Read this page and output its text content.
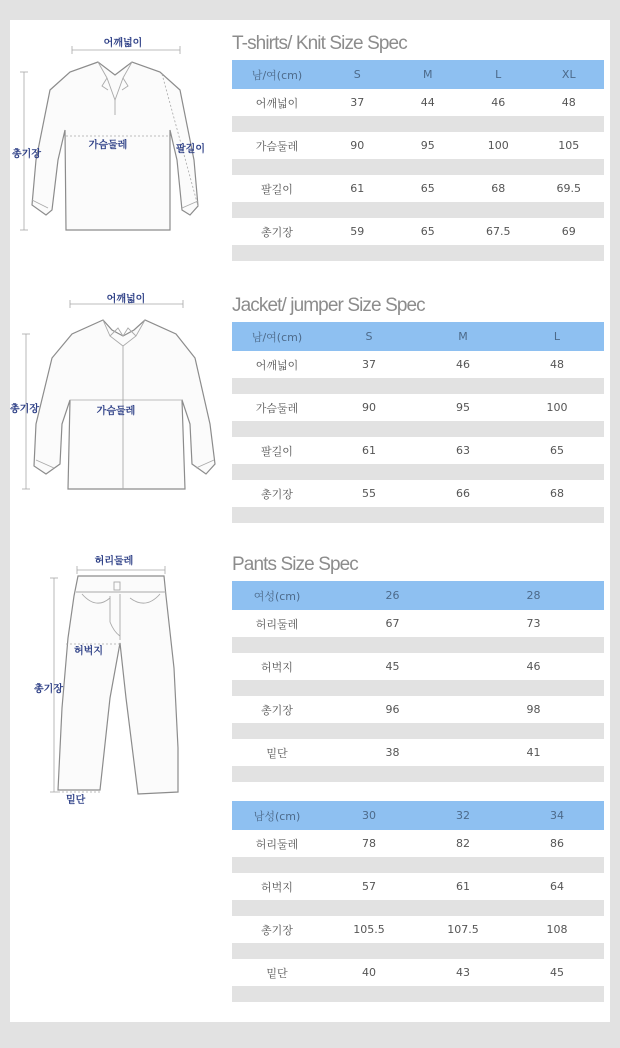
어깨넓이
가슴둘레
총기장	팔길이
어깨넓이
가슴둘레
총기장
허리둘레
허벅지
총기장
밑단
T-shirts/ Knit Size Spec
남/여(cm)	S	M	L	XL
어깨넓이	37	44	46	48

가슴둘레	90	95	100	105

팔길이	61	65	68	69.5

총기장	59	65	67.5	69

Jacket/ jumper Size Spec
남/여(cm)	S	M	L
어깨넓이	37	46	48

가슴둘레	90	95	100

팔길이	61	63	65

총기장	55	66	68

Pants Size Spec
여성(cm)	26	28
허리둘레	67	73

허벅지	45	46

총기장	96	98

밑단	38	41

남성(cm)	30	32	34
허리둘레	78	82	86

허벅지	57	61	64

총기장	105.5	107.5	108

밑단	40	43	45
